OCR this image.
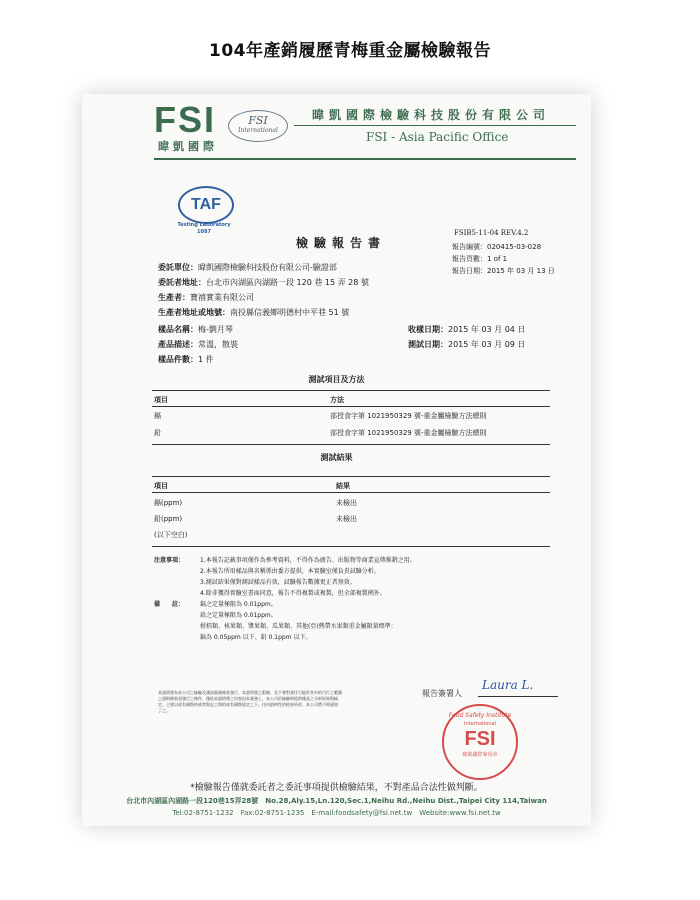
104年產銷履歷青梅重金屬檢驗報告
FSI
暐凱國際
FSI
International
暐凱國際檢驗科技股份有限公司
FSI - Asia Pacific Office
TAF
Testing Laboratory
1087
檢驗報告書
FSIB5-11-04 REV.4.2
報告編號：020415-03-028
報告頁數：1 of 1
報告日期：2015 年 03 月 13 日
委託單位：暐凱國際檢驗科技股份有限公司-驗證部
委託者地址：台北市內湖區內湖路一段 120 巷 15 弄 28 號
生產者：寶禧實業有限公司
生產者地址或地號：南投縣信義鄉明德村中平巷 51 號
樣品名稱：梅-劉月琴
產品描述：常溫，散裝
樣品件數：1 件
收樣日期：2015 年 03 月 04 日
測試日期：2015 年 03 月 09 日
測試項目及方法
項目	方法
鎘	部授食字第 1021950329 號-重金屬檢驗方法總則
鉛	部授食字第 1021950329 號-重金屬檢驗方法總則
測試結果
項目	結果
鎘(ppm)	未檢出
鉛(ppm)	未檢出
(以下空白)
注意事項：	1.本報告記載事項僅作為參考資料，不得作為廣告、出版物等商業宣傳推銷之用。
2.本報告所用樣品與名稱係由委方提供，本實驗室僅負責試驗分析。
3.測試結果僅對測試樣品有效，試驗報告數據更正者無效。
4.除非獲得實驗室書面同意，報告不得複製或複製，但全部複製例外。
備　　註：	鎘之定量極限為 0.01ppm。
鉛之定量極限為 0.01ppm。
柑桔類、核果類、漿果類、瓜果類、其他(亞)熱帶水果類重金屬限量標準：
鎘為 0.05ppm 以下、鉛 0.1ppm 以下。
本證明書為本公司之檢驗及測試服務條款發行，本證明書之限制，及不會對責任可能於其中的可行之範圍
之通則條款須發行之條件，僅依本證明書之內容因本業務上，本公司於檢驗時提供樣品之分析結果與檢
定。主要以或有國際的或者與在之間的或有國際協定之下。任何最終性的結果更改，本公司將不經通知
了之。
報告簽署人
Laura L.
Food Safety Institute
International
FSI
暐凱國際專用章
*檢驗報告僅就委託者之委託事項提供檢驗結果，不對產品合法性做判斷。
台北市內湖區內湖路一段120巷15弄28號　No.28,Aly.15,Ln.120,Sec.1,Neihu Rd.,Neihu Dist.,Taipei City 114,Taiwan
Tel:02-8751-1232　Fax:02-8751-1235　E-mail:foodsafety@fsi.net.tw　Website:www.fsi.net.tw
